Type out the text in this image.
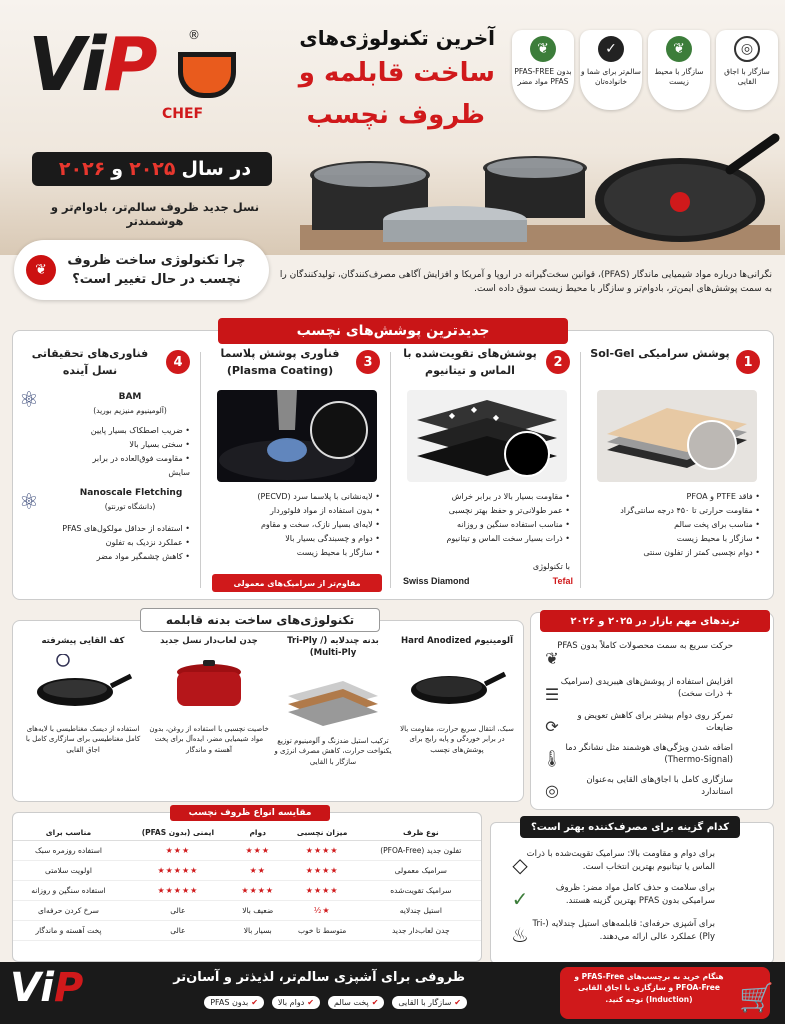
ViP	®
CHEF
آخرین تکنولوژی‌های
ساخت قابلمه و
ظروف نچسب
❦
PFAS-FREE بدون مواد مضر PFAS
✓
سالم‌تر برای شما و خانواده‌تان
❦
سازگار با محیط زیست
◎
سازگار با اجاق القایی
در سال
۲۰۲۵
و
۲۰۲۶
نسل جدید ظروف سالم‌تر، بادوام‌تر و هوشمندتر
چرا تکنولوژی ساخت ظروف نچسب در حال تغییر است؟
❦	نگرانی‌ها درباره مواد شیمیایی ماندگار (PFAS)، قوانین سخت‌گیرانه در اروپا و آمریکا و افزایش آگاهی مصرف‌کنندگان، تولیدکنندگان را به سمت پوشش‌های ایمن‌تر، بادوام‌تر و سازگار با محیط زیست سوق داده است.
جدیدترین پوشش‌های نچسب
1
پوشش سرامیکی Sol-Gel
• فاقد PTFE و PFOA
• مقاومت حرارتی تا ۴۵۰ درجه سانتی‌گراد
• مناسب برای پخت سالم
• سازگار با محیط زیست
• دوام نچسبی کمتر از تفلون سنتی
2
پوشش‌های تقویت‌شده با الماس و تیتانیوم
◆
◆
◆
• مقاومت بسیار بالا در برابر خراش
• عمر طولانی‌تر و حفظ بهتر نچسبی
• مناسب استفاده سنگین و روزانه
• ذرات بسیار سخت الماس و تیتانیوم
با تکنولوژی
Swiss Diamond	Tefal
3
فناوری پوشش پلاسما (Plasma Coating)
• لایه‌نشانی با پلاسما سرد (PECVD)
• بدون استفاده از مواد فلوئوردار
• لایه‌ای بسیار نازک، سخت و مقاوم
• دوام و چسبندگی بسیار بالا
• سازگار با محیط زیست
مقاوم‌تر از سرامیک‌های معمولی
4
فناوری‌های تحقیقاتی نسل آینده
⚛	BAM
(آلومینیوم منیزیم بورید)
• ضریب اصطکاک بسیار پایین
• سختی بسیار بالا
• مقاومت فوق‌العاده در برابر سایش
⚛	Nanoscale Fletching
(دانشگاه تورنتو)
• استفاده از حداقل مولکول‌های PFAS
• عملکرد نزدیک به تفلون
• کاهش چشمگیر مواد مضر
تکنولوژی‌های ساخت بدنه قابلمه
آلومینیوم Hard Anodized
سبک، انتقال سریع حرارت، مقاومت بالا در برابر خوردگی و پایه رایج برای پوشش‌های نچسب
بدنه چندلایه (Tri-Ply / Multi-Ply)
ترکیب استیل ضدزنگ و آلومینیوم توزیع یکنواخت حرارت، کاهش مصرف انرژی و سازگار با القایی
چدن لعاب‌دار نسل جدید
خاصیت نچسبی با استفاده از روغن، بدون مواد شیمیایی مضر، ایده‌آل برای پخت آهسته و ماندگار
کف القایی پیشرفته
استفاده از دیسک مغناطیسی با لایه‌های کامل مغناطیسی برای سازگاری کامل با اجاق القایی
ترندهای مهم بازار در ۲۰۲۵ و ۲۰۲۶
❦
حرکت سریع به سمت محصولات کاملاً بدون PFAS
☰
افزایش استفاده از پوشش‌های هیبریدی (سرامیک + ذرات سخت)
⟳
تمرکز روی دوام بیشتر برای کاهش تعویض و ضایعات
🌡
اضافه شدن ویژگی‌های هوشمند مثل نشانگر دما (Thermo-Signal)
◎
سازگاری کامل با اجاق‌های القایی به‌عنوان استاندارد
نوع ظرف	میزان نچسبی	دوام	ایمنی (بدون PFAS)	مناسب برای
تفلون جدید (PFOA-Free)	★★★★	★★★	★★★	استفاده روزمره سبک
سرامیک معمولی	★★★★	★★	★★★★★	اولویت سلامتی
سرامیک تقویت‌شده	★★★★	★★★★	★★★★★	استفاده سنگین و روزانه
استیل چندلایه	★½	ضعیف بالا	عالی	سرخ کردن حرفه‌ای
چدن لعاب‌دار جدید	متوسط تا خوب	بسیار بالا	عالی	پخت آهسته و ماندگار
مقایسه انواع ظروف نچسب
کدام گزینه برای مصرف‌کننده بهتر است؟
◇
برای دوام و مقاومت بالا: سرامیک تقویت‌شده با ذرات الماس یا تیتانیوم بهترین انتخاب است.
✓	برای سلامت و حذف کامل مواد مضر: ظروف سرامیکی بدون PFAS بهترین گزینه هستند.
♨ برای آشپزی حرفه‌ای: قابلمه‌های استیل چندلایه (Tri-Ply) عملکرد عالی ارائه می‌دهند.
ViP	ظروفی برای آشپزی سالم‌تر، لذیذتر و آسان‌تر
✔
سازگار با القایی
✔
پخت سالم
✔
دوام بالا
✔
بدون PFAS
هنگام خرید به برچسب‌های PFAS-Free و PFOA-Free و سازگاری با اجاق القایی (Induction) توجه کنید. 🛒
